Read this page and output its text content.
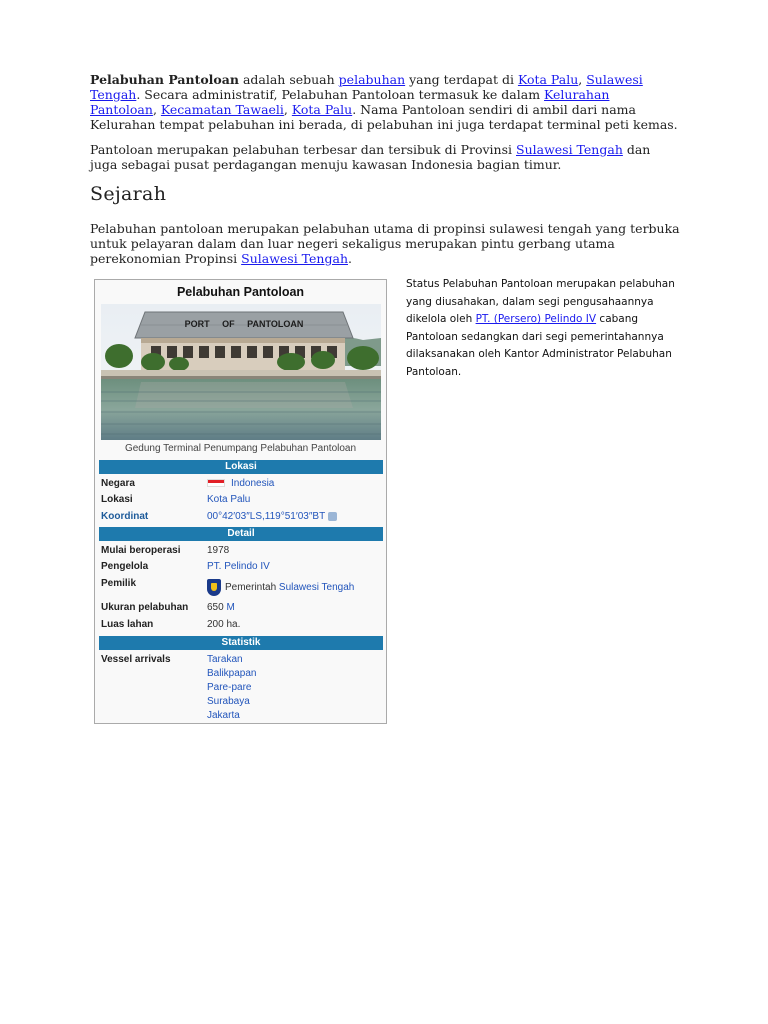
Pelabuhan Pantoloan adalah sebuah pelabuhan yang terdapat di Kota Palu, Sulawesi Tengah. Secara administratif, Pelabuhan Pantoloan termasuk ke dalam Kelurahan Pantoloan, Kecamatan Tawaeli, Kota Palu. Nama Pantoloan sendiri di ambil dari nama Kelurahan tempat pelabuhan ini berada, di pelabuhan ini juga terdapat terminal peti kemas.

Pantoloan merupakan pelabuhan terbesar dan tersibuk di Provinsi Sulawesi Tengah dan juga sebagai pusat perdagangan menuju kawasan Indonesia bagian timur.

Sejarah

Pelabuhan pantoloan merupakan pelabuhan utama di propinsi sulawesi tengah yang terbuka untuk pelayaran dalam dan luar negeri sekaligus merupakan pintu gerbang utama perekonomian Propinsi Sulawesi Tengah.

Pelabuhan Pantoloan
PORT     OF     PANTOLOAN
Gedung Terminal Penumpang Pelabuhan Pantoloan
Lokasi
Negara	Indonesia
Lokasi	Kota Palu
Koordinat	00°42′03″LS,119°51′03″BT
Detail
Mulai beroperasi	1978
Pengelola	PT. Pelindo IV
Pemilik	Pemerintah Sulawesi Tengah
Ukuran pelabuhan 650 M
Luas lahan	200 ha.
Statistik
Vessel arrivals	Tarakan
Balikpapan
Pare-pare
Surabaya
Jakarta

Status Pelabuhan Pantoloan merupakan pelabuhan yang diusahakan, dalam segi pengusahaannya dikelola oleh PT. (Persero) Pelindo IV cabang Pantoloan sedangkan dari segi pemerintahannya dilaksanakan oleh Kantor Administrator Pelabuhan Pantoloan.
